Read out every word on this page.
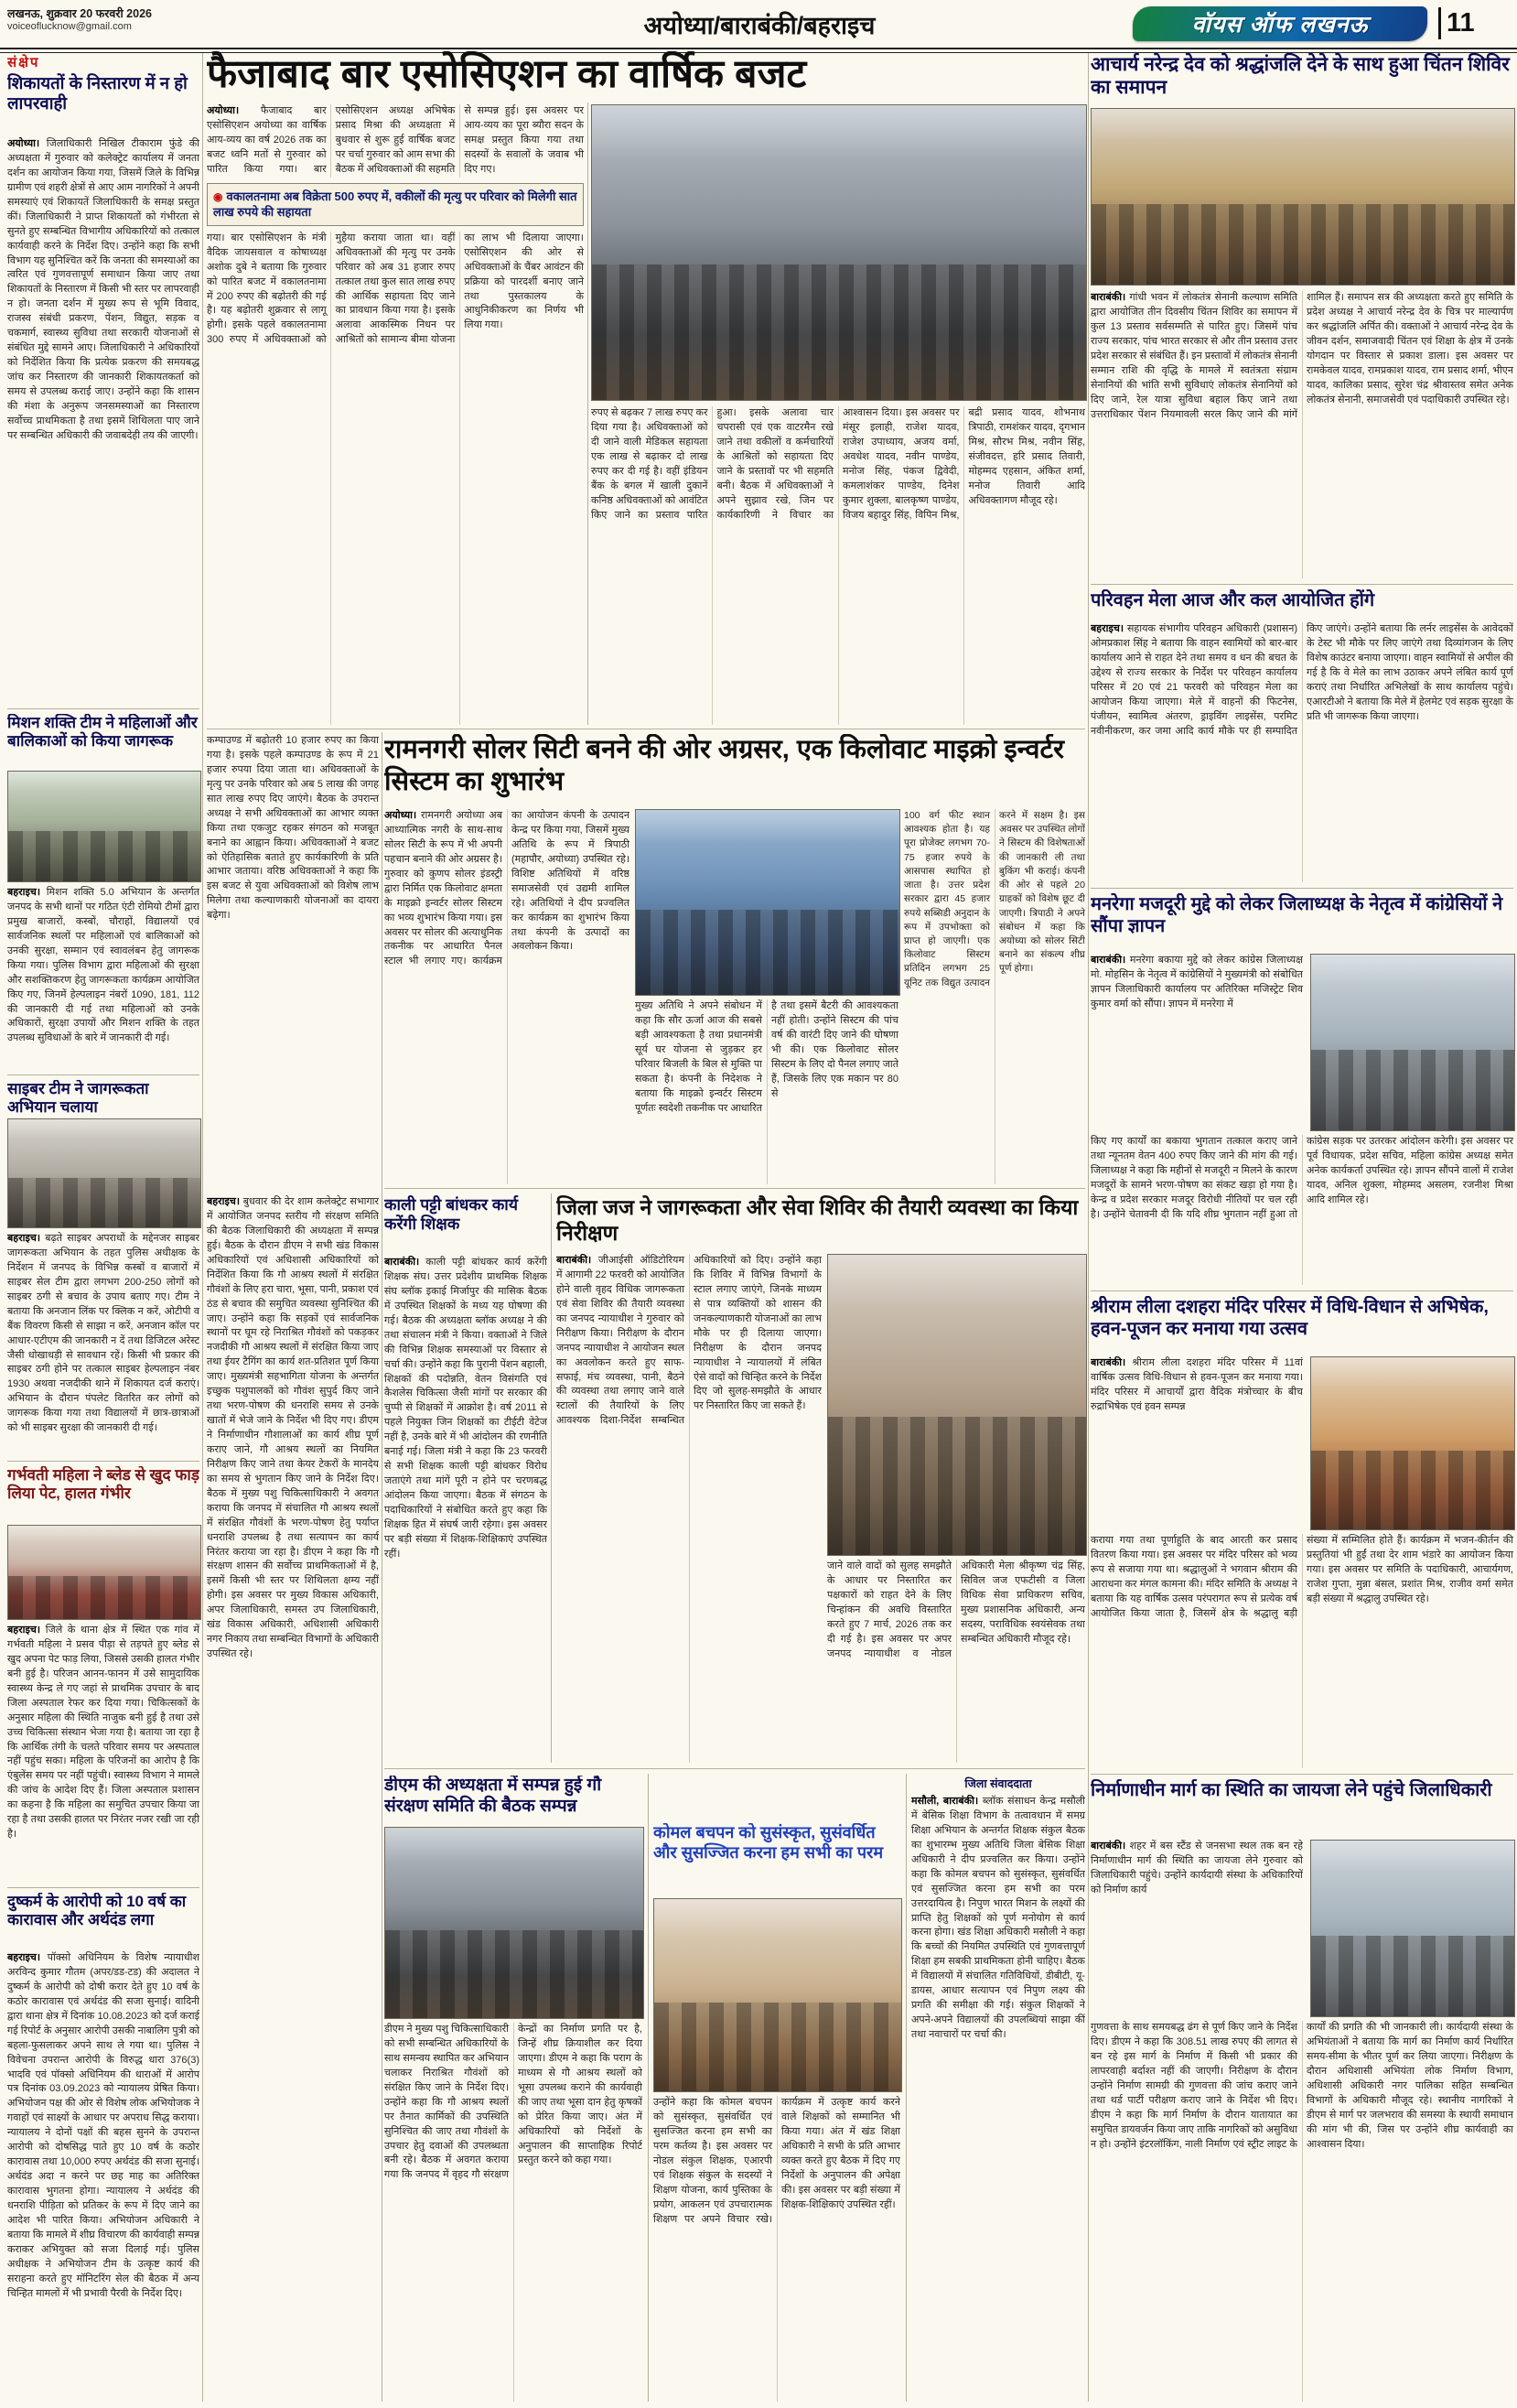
लखनऊ, शुक्रवार 20 फरवरी 2026
voiceoflucknow@gmail.com	अयोध्या/बाराबंकी/बहराइच	वॉयस ऑफ लखनऊ	11
संक्षेप
शिकायतों के निस्तारण में न हो लापरवाही

अयोध्या। जिलाधिकारी निखिल टीकाराम फुंडे की अध्यक्षता में गुरुवार को कलेक्ट्रेट कार्यालय में जनता दर्शन का आयोजन किया गया, जिसमें जिले के विभिन्न ग्रामीण एवं शहरी क्षेत्रों से आए आम नागरिकों ने अपनी समस्याएं एवं शिकायतें जिलाधिकारी के समक्ष प्रस्तुत कीं। जिलाधिकारी ने प्राप्त शिकायतों को गंभीरता से सुनते हुए सम्बन्धित विभागीय अधिकारियों को तत्काल कार्यवाही करने के निर्देश दिए। उन्होंने कहा कि सभी विभाग यह सुनिश्चित करें कि जनता की समस्याओं का त्वरित एवं गुणवत्तापूर्ण समाधान किया जाए तथा शिकायतों के निस्तारण में किसी भी स्तर पर लापरवाही न हो। जनता दर्शन में मुख्य रूप से भूमि विवाद, राजस्व संबंधी प्रकरण, पेंशन, विद्युत, सड़क व चकमार्ग, स्वास्थ्य सुविधा तथा सरकारी योजनाओं से संबंधित मुद्दे सामने आए। जिलाधिकारी ने अधिकारियों को निर्देशित किया कि प्रत्येक प्रकरण की समयबद्ध जांच कर निस्तारण की जानकारी शिकायतकर्ता को समय से उपलब्ध कराई जाए। उन्होंने कहा कि शासन की मंशा के अनुरूप जनसमस्याओं का निस्तारण सर्वोच्च प्राथमिकता है तथा इसमें शिथिलता पाए जाने पर सम्बन्धित अधिकारी की जवाबदेही तय की जाएगी।

मिशन शक्ति टीम ने महिलाओं और बालिकाओं को किया जागरूक

बहराइच। मिशन शक्ति 5.0 अभियान के अन्तर्गत जनपद के सभी थानों पर गठित एंटी रोमियो टीमों द्वारा प्रमुख बाजारों, कस्बों, चौराहों, विद्यालयों एवं सार्वजनिक स्थलों पर महिलाओं एवं बालिकाओं को उनकी सुरक्षा, सम्मान एवं स्वावलंबन हेतु जागरूक किया गया। पुलिस विभाग द्वारा महिलाओं की सुरक्षा और सशक्तिकरण हेतु जागरूकता कार्यक्रम आयोजित किए गए, जिनमें हेल्पलाइन नंबरों 1090, 181, 112 की जानकारी दी गई तथा महिलाओं को उनके अधिकारों, सुरक्षा उपायों और मिशन शक्ति के तहत उपलब्ध सुविधाओं के बारे में जानकारी दी गई।

साइबर टीम ने जागरूकता अभियान चलाया

बहराइच। बढ़ते साइबर अपराधों के मद्देनजर साइबर जागरूकता अभियान के तहत पुलिस अधीक्षक के निर्देशन में जनपद के विभिन्न कस्बों व बाजारों में साइबर सेल टीम द्वारा लगभग 200-250 लोगों को साइबर ठगी से बचाव के उपाय बताए गए। टीम ने बताया कि अनजान लिंक पर क्लिक न करें, ओटीपी व बैंक विवरण किसी से साझा न करें, अनजान कॉल पर आधार-एटीएम की जानकारी न दें तथा डिजिटल अरेस्ट जैसी धोखाधड़ी से सावधान रहें। किसी भी प्रकार की साइबर ठगी होने पर तत्काल साइबर हेल्पलाइन नंबर 1930 अथवा नजदीकी थाने में शिकायत दर्ज कराएं। अभियान के दौरान पंपलेट वितरित कर लोगों को जागरूक किया गया तथा विद्यालयों में छात्र-छात्राओं को भी साइबर सुरक्षा की जानकारी दी गई।

गर्भवती महिला ने ब्लेड से खुद फाड़ लिया पेट, हालत गंभीर

बहराइच। जिले के थाना क्षेत्र में स्थित एक गांव में गर्भवती महिला ने प्रसव पीड़ा से तड़पते हुए ब्लेड से खुद अपना पेट फाड़ लिया, जिससे उसकी हालत गंभीर बनी हुई है। परिजन आनन-फानन में उसे सामुदायिक स्वास्थ्य केन्द्र ले गए जहां से प्राथमिक उपचार के बाद जिला अस्पताल रेफर कर दिया गया। चिकित्सकों के अनुसार महिला की स्थिति नाजुक बनी हुई है तथा उसे उच्च चिकित्सा संस्थान भेजा गया है। बताया जा रहा है कि आर्थिक तंगी के चलते परिवार समय पर अस्पताल नहीं पहुंच सका। महिला के परिजनों का आरोप है कि एंबुलेंस समय पर नहीं पहुंची। स्वास्थ्य विभाग ने मामले की जांच के आदेश दिए हैं। जिला अस्पताल प्रशासन का कहना है कि महिला का समुचित उपचार किया जा रहा है तथा उसकी हालत पर निरंतर नजर रखी जा रही है।

दुष्कर्म के आरोपी को 10 वर्ष का कारावास और अर्थदंड लगा

बहराइच। पॉक्सो अधिनियम के विशेष न्यायाधीश अरविन्द कुमार गौतम (अपर/डड-टड) की अदालत ने दुष्कर्म के आरोपी को दोषी करार देते हुए 10 वर्ष के कठोर कारावास एवं अर्थदंड की सजा सुनाई। वादिनी द्वारा थाना क्षेत्र में दिनांक 10.08.2023 को दर्ज कराई गई रिपोर्ट के अनुसार आरोपी उसकी नाबालिग पुत्री को बहला-फुसलाकर अपने साथ ले गया था। पुलिस ने विवेचना उपरान्त आरोपी के विरुद्ध धारा 376(3) भादवि एवं पॉक्सो अधिनियम की धाराओं में आरोप पत्र दिनांक 03.09.2023 को न्यायालय प्रेषित किया। अभियोजन पक्ष की ओर से विशेष लोक अभियोजक ने गवाहों एवं साक्ष्यों के आधार पर अपराध सिद्ध कराया। न्यायालय ने दोनों पक्षों की बहस सुनने के उपरान्त आरोपी को दोषसिद्ध पाते हुए 10 वर्ष के कठोर कारावास तथा 10,000 रुपए अर्थदंड की सजा सुनाई। अर्थदंड अदा न करने पर छह माह का अतिरिक्त कारावास भुगतना होगा। न्यायालय ने अर्थदंड की धनराशि पीड़िता को प्रतिकर के रूप में दिए जाने का आदेश भी पारित किया। अभियोजन अधिकारी ने बताया कि मामले में शीघ्र विचारण की कार्यवाही सम्पन्न कराकर अभियुक्त को सजा दिलाई गई। पुलिस अधीक्षक ने अभियोजन टीम के उत्कृष्ट कार्य की सराहना करते हुए मॉनिटरिंग सेल की बैठक में अन्य चिन्हित मामलों में भी प्रभावी पैरवी के निर्देश दिए।

फैजाबाद बार एसोसिएशन का वार्षिक बजट

अयोध्या। फैजाबाद बार एसोसिएशन अयोध्या का वार्षिक आय-व्यय का वर्ष 2026 तक का बजट ध्वनि मतों से गुरुवार को पारित किया गया। बार एसोसिएशन अध्यक्ष अभिषेक प्रसाद मिश्रा की अध्यक्षता में बुधवार से शुरू हुई वार्षिक बजट पर चर्चा गुरुवार को आम सभा की बैठक में अधिवक्ताओं की सहमति से सम्पन्न हुई। इस अवसर पर आय-व्यय का पूरा ब्यौरा सदन के समक्ष प्रस्तुत किया गया तथा सदस्यों के सवालों के जवाब भी दिए गए।

◉ वकालतनामा अब विक्रेता 500 रुपए में, वकीलों की मृत्यु पर परिवार को मिलेगी सात लाख रुपये की सहायता

गया। बार एसोसिएशन के मंत्री वैदिक जायसवाल व कोषाध्यक्ष अशोक दुबे ने बताया कि गुरुवार को पारित बजट में वकालतनामा में 200 रुपए की बढ़ोतरी की गई है। यह बढ़ोतरी शुक्रवार से लागू होगी। इसके पहले वकालतनामा 300 रुपए में अधिवक्ताओं को मुहैया कराया जाता था। वहीं अधिवक्ताओं की मृत्यु पर उनके परिवार को अब 31 हजार रुपए तत्काल तथा कुल सात लाख रुपए की आर्थिक सहायता दिए जाने का प्रावधान किया गया है। इसके अलावा आकस्मिक निधन पर आश्रितों को सामान्य बीमा योजना का लाभ भी दिलाया जाएगा। एसोसिएशन की ओर से अधिवक्ताओं के चैंबर आवंटन की प्रक्रिया को पारदर्शी बनाए जाने तथा पुस्तकालय के आधुनिकीकरण का निर्णय भी लिया गया।

रुपए से बढ़कर 7 लाख रुपए कर दिया गया है। अधिवक्ताओं को दी जाने वाली मेडिकल सहायता एक लाख से बढ़ाकर दो लाख रुपए कर दी गई है। वहीं इंडियन बैंक के बगल में खाली दुकानें कनिष्ठ अधिवक्ताओं को आवंटित किए जाने का प्रस्ताव पारित हुआ। इसके अलावा चार चपरासी एवं एक वाटरमैन रखे जाने तथा वकीलों व कर्मचारियों के आश्रितों को सहायता दिए जाने के प्रस्तावों पर भी सहमति बनी। बैठक में अधिवक्ताओं ने अपने सुझाव रखे, जिन पर कार्यकारिणी ने विचार का आश्वासन दिया। इस अवसर पर मंसूर इलाही, राजेश यादव, राजेश उपाध्याय, अजय वर्मा, अवधेश यादव, नवीन पाण्डेय, मनोज सिंह, पंकज द्विवेदी, कमलाशंकर पाण्डेय, दिनेश कुमार शुक्ला, बालकृष्ण पाण्डेय, विजय बहादुर सिंह, विपिन मिश्र, बद्री प्रसाद यादव, शोभनाथ त्रिपाठी, रामशंकर यादव, दृगभान मिश्र, सौरभ मिश्र, नवीन सिंह, संजीवदत्त, हरि प्रसाद तिवारी, मोहम्मद एहसान, अंकित शर्मा, मनोज तिवारी आदि अधिवक्तागण मौजूद रहे।

कम्पाउण्ड में बढ़ोतरी 10 हजार रुपए का किया गया है। इसके पहले कम्पाउण्ड के रूप में 21 हजार रुपया दिया जाता था। अधिवक्ताओं के मृत्यु पर उनके परिवार को अब 5 लाख की जगह सात लाख रुपए दिए जाएंगे। बैठक के उपरान्त अध्यक्ष ने सभी अधिवक्ताओं का आभार व्यक्त किया तथा एकजुट रहकर संगठन को मजबूत बनाने का आह्वान किया। अधिवक्ताओं ने बजट को ऐतिहासिक बताते हुए कार्यकारिणी के प्रति आभार जताया। वरिष्ठ अधिवक्ताओं ने कहा कि इस बजट से युवा अधिवक्ताओं को विशेष लाभ मिलेगा तथा कल्याणकारी योजनाओं का दायरा बढ़ेगा।

रामनगरी सोलर सिटी बनने की ओर अग्रसर, एक किलोवाट माइक्रो इन्वर्टर सिस्टम का शुभारंभ

अयोध्या। रामनगरी अयोध्या अब आध्यात्मिक नगरी के साथ-साथ सोलर सिटी के रूप में भी अपनी पहचान बनाने की ओर अग्रसर है। गुरुवार को कुणप सोलर इंडस्ट्री द्वारा निर्मित एक किलोवाट क्षमता के माइक्रो इन्वर्टर सोलर सिस्टम का भव्य शुभारंभ किया गया। इस अवसर पर सोलर की अत्याधुनिक तकनीक पर आधारित पैनल स्टाल भी लगाए गए। कार्यक्रम का आयोजन कंपनी के उत्पादन केन्द्र पर किया गया, जिसमें मुख्य अतिथि के रूप में त्रिपाठी (महापौर, अयोध्या) उपस्थित रहे। विशिष्ट अतिथियों में वरिष्ठ समाजसेवी एवं उद्यमी शामिल रहे। अतिथियों ने दीप प्रज्वलित कर कार्यक्रम का शुभारंभ किया तथा कंपनी के उत्पादों का अवलोकन किया।

मुख्य अतिथि ने अपने संबोधन में कहा कि सौर ऊर्जा आज की सबसे बड़ी आवश्यकता है तथा प्रधानमंत्री सूर्य घर योजना से जुड़कर हर परिवार बिजली के बिल से मुक्ति पा सकता है। कंपनी के निदेशक ने बताया कि माइक्रो इन्वर्टर सिस्टम पूर्णतः स्वदेशी तकनीक पर आधारित है तथा इसमें बैटरी की आवश्यकता नहीं होती। उन्होंने सिस्टम की पांच वर्ष की वारंटी दिए जाने की घोषणा भी की। एक किलोवाट सोलर सिस्टम के लिए दो पैनल लगाए जाते हैं, जिसके लिए एक मकान पर 80 से

100 वर्ग फीट स्थान आवश्यक होता है। यह पूरा प्रोजेक्ट लगभग 70-75 हजार रुपये के आसपास स्थापित हो जाता है। उत्तर प्रदेश सरकार द्वारा 45 हजार रुपये सब्सिडी अनुदान के रूप में उपभोक्ता को प्राप्त हो जाएगी। एक किलोवाट सिस्टम प्रतिदिन लगभग 25 यूनिट तक विद्युत उत्पादन करने में सक्षम है। इस अवसर पर उपस्थित लोगों ने सिस्टम की विशेषताओं की जानकारी ली तथा बुकिंग भी कराई। कंपनी की ओर से पहले 20 ग्राहकों को विशेष छूट दी जाएगी। त्रिपाठी ने अपने संबोधन में कहा कि अयोध्या को सोलर सिटी बनाने का संकल्प शीघ्र पूर्ण होगा।

काली पट्टी बांधकर कार्य करेंगी शिक्षक

बाराबंकी। काली पट्टी बांधकर कार्य करेंगी शिक्षक संघ। उत्तर प्रदेशीय प्राथमिक शिक्षक संघ ब्लॉक इकाई मिर्जापुर की मासिक बैठक में उपस्थित शिक्षकों के मध्य यह घोषणा की गई। बैठक की अध्यक्षता ब्लॉक अध्यक्ष ने की तथा संचालन मंत्री ने किया। वक्ताओं ने जिले की विभिन्न शिक्षक समस्याओं पर विस्तार से चर्चा की। उन्होंने कहा कि पुरानी पेंशन बहाली, शिक्षकों की पदोन्नति, वेतन विसंगति एवं कैशलेस चिकित्सा जैसी मांगों पर सरकार की चुप्पी से शिक्षकों में आक्रोश है। वर्ष 2011 से पहले नियुक्त जिन शिक्षकों का टीईटी वेटेज नहीं है, उनके बारे में भी आंदोलन की रणनीति बनाई गई। जिला मंत्री ने कहा कि 23 फरवरी से सभी शिक्षक काली पट्टी बांधकर विरोध जताएंगे तथा मांगें पूरी न होने पर चरणबद्ध आंदोलन किया जाएगा। बैठक में संगठन के पदाधिकारियों ने संबोधित करते हुए कहा कि शिक्षक हित में संघर्ष जारी रहेगा। इस अवसर पर बड़ी संख्या में शिक्षक-शिक्षिकाएं उपस्थित रहीं।

जिला जज ने जागरूकता और सेवा शिविर की तैयारी व्यवस्था का किया निरीक्षण

बाराबंकी। जीआईसी ऑडिटोरियम में आगामी 22 फरवरी को आयोजित होने वाली वृहद विधिक जागरूकता एवं सेवा शिविर की तैयारी व्यवस्था का जनपद न्यायाधीश ने गुरुवार को निरीक्षण किया। निरीक्षण के दौरान जनपद न्यायाधीश ने आयोजन स्थल का अवलोकन करते हुए साफ-सफाई, मंच व्यवस्था, पानी, बैठने की व्यवस्था तथा लगाए जाने वाले स्टालों की तैयारियों के लिए आवश्यक दिशा-निर्देश सम्बन्धित अधिकारियों को दिए। उन्होंने कहा कि शिविर में विभिन्न विभागों के स्टाल लगाए जाएंगे, जिनके माध्यम से पात्र व्यक्तियों को शासन की जनकल्याणकारी योजनाओं का लाभ मौके पर ही दिलाया जाएगा। निरीक्षण के दौरान जनपद न्यायाधीश ने न्यायालयों में लंबित ऐसे वादों को चिन्हित करने के निर्देश दिए जो सुलह-समझौते के आधार पर निस्तारित किए जा सकते हैं।

जाने वाले वादों को सुलह समझौते के आधार पर निस्तारित कर पक्षकारों को राहत देने के लिए चिन्हांकन की अवधि विस्तारित करते हुए 7 मार्च, 2026 तक कर दी गई है। इस अवसर पर अपर जनपद न्यायाधीश व नोडल अधिकारी मेला श्रीकृष्ण चंद्र सिंह, सिविल जज एफटीसी व जिला विधिक सेवा प्राधिकरण सचिव, मुख्य प्रशासनिक अधिकारी, अन्य सदस्य, पराविधिक स्वयंसेवक तथा सम्बन्धित अधिकारी मौजूद रहे।

बहराइच। बुधवार की देर शाम कलेक्ट्रेट सभागार में आयोजित जनपद स्तरीय गौ संरक्षण समिति की बैठक जिलाधिकारी की अध्यक्षता में सम्पन्न हुई। बैठक के दौरान डीएम ने सभी खंड विकास अधिकारियों एवं अधिशासी अधिकारियों को निर्देशित किया कि गौ आश्रय स्थलों में संरक्षित गौवंशों के लिए हरा चारा, भूसा, पानी, प्रकाश एवं ठंड से बचाव की समुचित व्यवस्था सुनिश्चित की जाए। उन्होंने कहा कि सड़कों एवं सार्वजनिक स्थानों पर घूम रहे निराश्रित गौवंशों को पकड़कर नजदीकी गौ आश्रय स्थलों में संरक्षित किया जाए तथा ईयर टैगिंग का कार्य शत-प्रतिशत पूर्ण किया जाए। मुख्यमंत्री सहभागिता योजना के अन्तर्गत इच्छुक पशुपालकों को गौवंश सुपुर्द किए जाने तथा भरण-पोषण की धनराशि समय से उनके खातों में भेजे जाने के निर्देश भी दिए गए। डीएम ने निर्माणाधीन गौशालाओं का कार्य शीघ्र पूर्ण कराए जाने, गौ आश्रय स्थलों का नियमित निरीक्षण किए जाने तथा केयर टेकरों के मानदेय का समय से भुगतान किए जाने के निर्देश दिए। बैठक में मुख्य पशु चिकित्साधिकारी ने अवगत कराया कि जनपद में संचालित गौ आश्रय स्थलों में संरक्षित गौवंशों के भरण-पोषण हेतु पर्याप्त धनराशि उपलब्ध है तथा सत्यापन का कार्य निरंतर कराया जा रहा है। डीएम ने कहा कि गौ संरक्षण शासन की सर्वोच्च प्राथमिकताओं में है, इसमें किसी भी स्तर पर शिथिलता क्षम्य नहीं होगी। इस अवसर पर मुख्य विकास अधिकारी, अपर जिलाधिकारी, समस्त उप जिलाधिकारी, खंड विकास अधिकारी, अधिशासी अधिकारी नगर निकाय तथा सम्बन्धित विभागों के अधिकारी उपस्थित रहे।

डीएम की अध्यक्षता में सम्पन्न हुई गौ संरक्षण समिति की बैठक सम्पन्न

डीएम ने मुख्य पशु चिकित्साधिकारी को सभी सम्बन्धित अधिकारियों के साथ समन्वय स्थापित कर अभियान चलाकर निराश्रित गौवंशों को संरक्षित किए जाने के निर्देश दिए। उन्होंने कहा कि गौ आश्रय स्थलों पर तैनात कार्मिकों की उपस्थिति सुनिश्चित की जाए तथा गौवंशों के उपचार हेतु दवाओं की उपलब्धता बनी रहे। बैठक में अवगत कराया गया कि जनपद में वृहद गौ संरक्षण केन्द्रों का निर्माण प्रगति पर है, जिन्हें शीघ्र क्रियाशील कर दिया जाएगा। डीएम ने कहा कि पराग के माध्यम से गौ आश्रय स्थलों को भूसा उपलब्ध कराने की कार्यवाही की जाए तथा भूसा दान हेतु कृषकों को प्रेरित किया जाए। अंत में अधिकारियों को निर्देशों के अनुपालन की साप्ताहिक रिपोर्ट प्रस्तुत करने को कहा गया।

कोमल बचपन को सुसंस्कृत, सुसंवर्धित और सुसज्जित करना हम सभी का परम

उन्होंने कहा कि कोमल बचपन को सुसंस्कृत, सुसंवर्धित एवं सुसज्जित करना हम सभी का परम कर्तव्य है। इस अवसर पर नोडल संकुल शिक्षक, एआरपी एवं शिक्षक संकुल के सदस्यों ने शिक्षण योजना, कार्य पुस्तिका के प्रयोग, आकलन एवं उपचारात्मक शिक्षण पर अपने विचार रखे। कार्यक्रम में उत्कृष्ट कार्य करने वाले शिक्षकों को सम्मानित भी किया गया। अंत में खंड शिक्षा अधिकारी ने सभी के प्रति आभार व्यक्त करते हुए बैठक में दिए गए निर्देशों के अनुपालन की अपेक्षा की। इस अवसर पर बड़ी संख्या में शिक्षक-शिक्षिकाएं उपस्थित रहीं।

जिला संवाददाता

मसौली, बाराबंकी। ब्लॉक संसाधन केन्द्र मसौली में बेसिक शिक्षा विभाग के तत्वावधान में समग्र शिक्षा अभियान के अन्तर्गत शिक्षक संकुल बैठक का शुभारम्भ मुख्य अतिथि जिला बेसिक शिक्षा अधिकारी ने दीप प्रज्वलित कर किया। उन्होंने कहा कि कोमल बचपन को सुसंस्कृत, सुसंवर्धित एवं सुसज्जित करना हम सभी का परम उत्तरदायित्व है। निपुण भारत मिशन के लक्ष्यों की प्राप्ति हेतु शिक्षकों को पूर्ण मनोयोग से कार्य करना होगा। खंड शिक्षा अधिकारी मसौली ने कहा कि बच्चों की नियमित उपस्थिति एवं गुणवत्तापूर्ण शिक्षा हम सबकी प्राथमिकता होनी चाहिए। बैठक में विद्यालयों में संचालित गतिविधियों, डीबीटी, यू-डायस, आधार सत्यापन एवं निपुण लक्ष्य की प्रगति की समीक्षा की गई। संकुल शिक्षकों ने अपने-अपने विद्यालयों की उपलब्धियां साझा कीं तथा नवाचारों पर चर्चा की।

आचार्य नरेन्द्र देव को श्रद्धांजलि देने के साथ हुआ चिंतन शिविर का समापन

बाराबंकी। गांधी भवन में लोकतंत्र सेनानी कल्याण समिति द्वारा आयोजित तीन दिवसीय चिंतन शिविर का समापन में कुल 13 प्रस्ताव सर्वसम्मति से पारित हुए। जिसमें पांच राज्य सरकार, पांच भारत सरकार से और तीन प्रस्ताव उत्तर प्रदेश सरकार से संबंधित हैं। इन प्रस्तावों में लोकतंत्र सेनानी सम्मान राशि की वृद्धि के मामले में स्वतंत्रता संग्राम सेनानियों की भांति सभी सुविधाएं लोकतंत्र सेनानियों को दिए जाने, रेल यात्रा सुविधा बहाल किए जाने तथा उत्तराधिकार पेंशन नियमावली सरल किए जाने की मांगें शामिल हैं। समापन सत्र की अध्यक्षता करते हुए समिति के प्रदेश अध्यक्ष ने आचार्य नरेन्द्र देव के चित्र पर माल्यार्पण कर श्रद्धांजलि अर्पित की। वक्ताओं ने आचार्य नरेन्द्र देव के जीवन दर्शन, समाजवादी चिंतन एवं शिक्षा के क्षेत्र में उनके योगदान पर विस्तार से प्रकाश डाला। इस अवसर पर रामकेवल यादव, रामप्रकाश यादव, राम प्रसाद शर्मा, भीएन यादव, कालिका प्रसाद, सुरेश चंद्र श्रीवास्तव समेत अनेक लोकतंत्र सेनानी, समाजसेवी एवं पदाधिकारी उपस्थित रहे।

परिवहन मेला आज और कल आयोजित होंगे

बहराइच। सहायक संभागीय परिवहन अधिकारी (प्रशासन) ओमप्रकाश सिंह ने बताया कि वाहन स्वामियों को बार-बार कार्यालय आने से राहत देने तथा समय व धन की बचत के उद्देश्य से राज्य सरकार के निर्देश पर परिवहन कार्यालय परिसर में 20 एवं 21 फरवरी को परिवहन मेला का आयोजन किया जाएगा। मेले में वाहनों की फिटनेस, पंजीयन, स्वामित्व अंतरण, ड्राइविंग लाइसेंस, परमिट नवीनीकरण, कर जमा आदि कार्य मौके पर ही सम्पादित किए जाएंगे। उन्होंने बताया कि लर्नर लाइसेंस के आवेदकों के टेस्ट भी मौके पर लिए जाएंगे तथा दिव्यांगजन के लिए विशेष काउंटर बनाया जाएगा। वाहन स्वामियों से अपील की गई है कि वे मेले का लाभ उठाकर अपने लंबित कार्य पूर्ण कराएं तथा निर्धारित अभिलेखों के साथ कार्यालय पहुंचे। एआरटीओ ने बताया कि मेले में हेलमेट एवं सड़क सुरक्षा के प्रति भी जागरूक किया जाएगा।

मनरेगा मजदूरी मुद्दे को लेकर जिलाध्यक्ष के नेतृत्व में कांग्रेसियों ने सौंपा ज्ञापन

बाराबंकी। मनरेगा बकाया मुद्दे को लेकर कांग्रेस जिलाध्यक्ष मो. मोहसिन के नेतृत्व में कांग्रेसियों ने मुख्यमंत्री को संबोधित ज्ञापन जिलाधिकारी कार्यालय पर अतिरिक्त मजिस्ट्रेट शिव कुमार वर्मा को सौंपा। ज्ञापन में मनरेगा में

किए गए कार्यों का बकाया भुगतान तत्काल कराए जाने तथा न्यूनतम वेतन 400 रुपए किए जाने की मांग की गई। जिलाध्यक्ष ने कहा कि महीनों से मजदूरी न मिलने के कारण मजदूरों के सामने भरण-पोषण का संकट खड़ा हो गया है। केन्द्र व प्रदेश सरकार मजदूर विरोधी नीतियों पर चल रही है। उन्होंने चेतावनी दी कि यदि शीघ्र भुगतान नहीं हुआ तो कांग्रेस सड़क पर उतरकर आंदोलन करेगी। इस अवसर पर पूर्व विधायक, प्रदेश सचिव, महिला कांग्रेस अध्यक्ष समेत अनेक कार्यकर्ता उपस्थित रहे। ज्ञापन सौंपने वालों में राजेश यादव, अनिल शुक्ला, मोहम्मद असलम, रजनीश मिश्रा आदि शामिल रहे।

श्रीराम लीला दशहरा मंदिर परिसर में विधि-विधान से अभिषेक, हवन-पूजन कर मनाया गया उत्सव

बाराबंकी। श्रीराम लीला दशहरा मंदिर परिसर में 11वां वार्षिक उत्सव विधि-विधान से हवन-पूजन कर मनाया गया। मंदिर परिसर में आचार्यों द्वारा वैदिक मंत्रोच्चार के बीच रुद्राभिषेक एवं हवन सम्पन्न

कराया गया तथा पूर्णाहुति के बाद आरती कर प्रसाद वितरण किया गया। इस अवसर पर मंदिर परिसर को भव्य रूप से सजाया गया था। श्रद्धालुओं ने भगवान श्रीराम की आराधना कर मंगल कामना की। मंदिर समिति के अध्यक्ष ने बताया कि यह वार्षिक उत्सव परंपरागत रूप से प्रत्येक वर्ष आयोजित किया जाता है, जिसमें क्षेत्र के श्रद्धालु बड़ी संख्या में सम्मिलित होते हैं। कार्यक्रम में भजन-कीर्तन की प्रस्तुतियां भी हुईं तथा देर शाम भंडारे का आयोजन किया गया। इस अवसर पर समिति के पदाधिकारी, आचार्यगण, राजेश गुप्ता, मुन्ना बंसल, प्रशांत मिश्र, राजीव वर्मा समेत बड़ी संख्या में श्रद्धालु उपस्थित रहे।

निर्माणाधीन मार्ग का स्थिति का जायजा लेने पहुंचे जिलाधिकारी

बाराबंकी। शहर में बस स्टैंड से जनसभा स्थल तक बन रहे निर्माणाधीन मार्ग की स्थिति का जायजा लेने गुरुवार को जिलाधिकारी पहुंचे। उन्होंने कार्यदायी संस्था के अधिकारियों को निर्माण कार्य

गुणवत्ता के साथ समयबद्ध ढंग से पूर्ण किए जाने के निर्देश दिए। डीएम ने कहा कि 308.51 लाख रुपए की लागत से बन रहे इस मार्ग के निर्माण में किसी भी प्रकार की लापरवाही बर्दाश्त नहीं की जाएगी। निरीक्षण के दौरान उन्होंने निर्माण सामग्री की गुणवत्ता की जांच कराए जाने तथा थर्ड पार्टी परीक्षण कराए जाने के निर्देश भी दिए। डीएम ने कहा कि मार्ग निर्माण के दौरान यातायात का समुचित डायवर्जन किया जाए ताकि नागरिकों को असुविधा न हो। उन्होंने इंटरलॉकिंग, नाली निर्माण एवं स्ट्रीट लाइट के कार्यों की प्रगति की भी जानकारी ली। कार्यदायी संस्था के अभियंताओं ने बताया कि मार्ग का निर्माण कार्य निर्धारित समय-सीमा के भीतर पूर्ण कर लिया जाएगा। निरीक्षण के दौरान अधिशासी अभियंता लोक निर्माण विभाग, अधिशासी अधिकारी नगर पालिका सहित सम्बन्धित विभागों के अधिकारी मौजूद रहे। स्थानीय नागरिकों ने डीएम से मार्ग पर जलभराव की समस्या के स्थायी समाधान की मांग भी की, जिस पर उन्होंने शीघ्र कार्यवाही का आश्वासन दिया।
